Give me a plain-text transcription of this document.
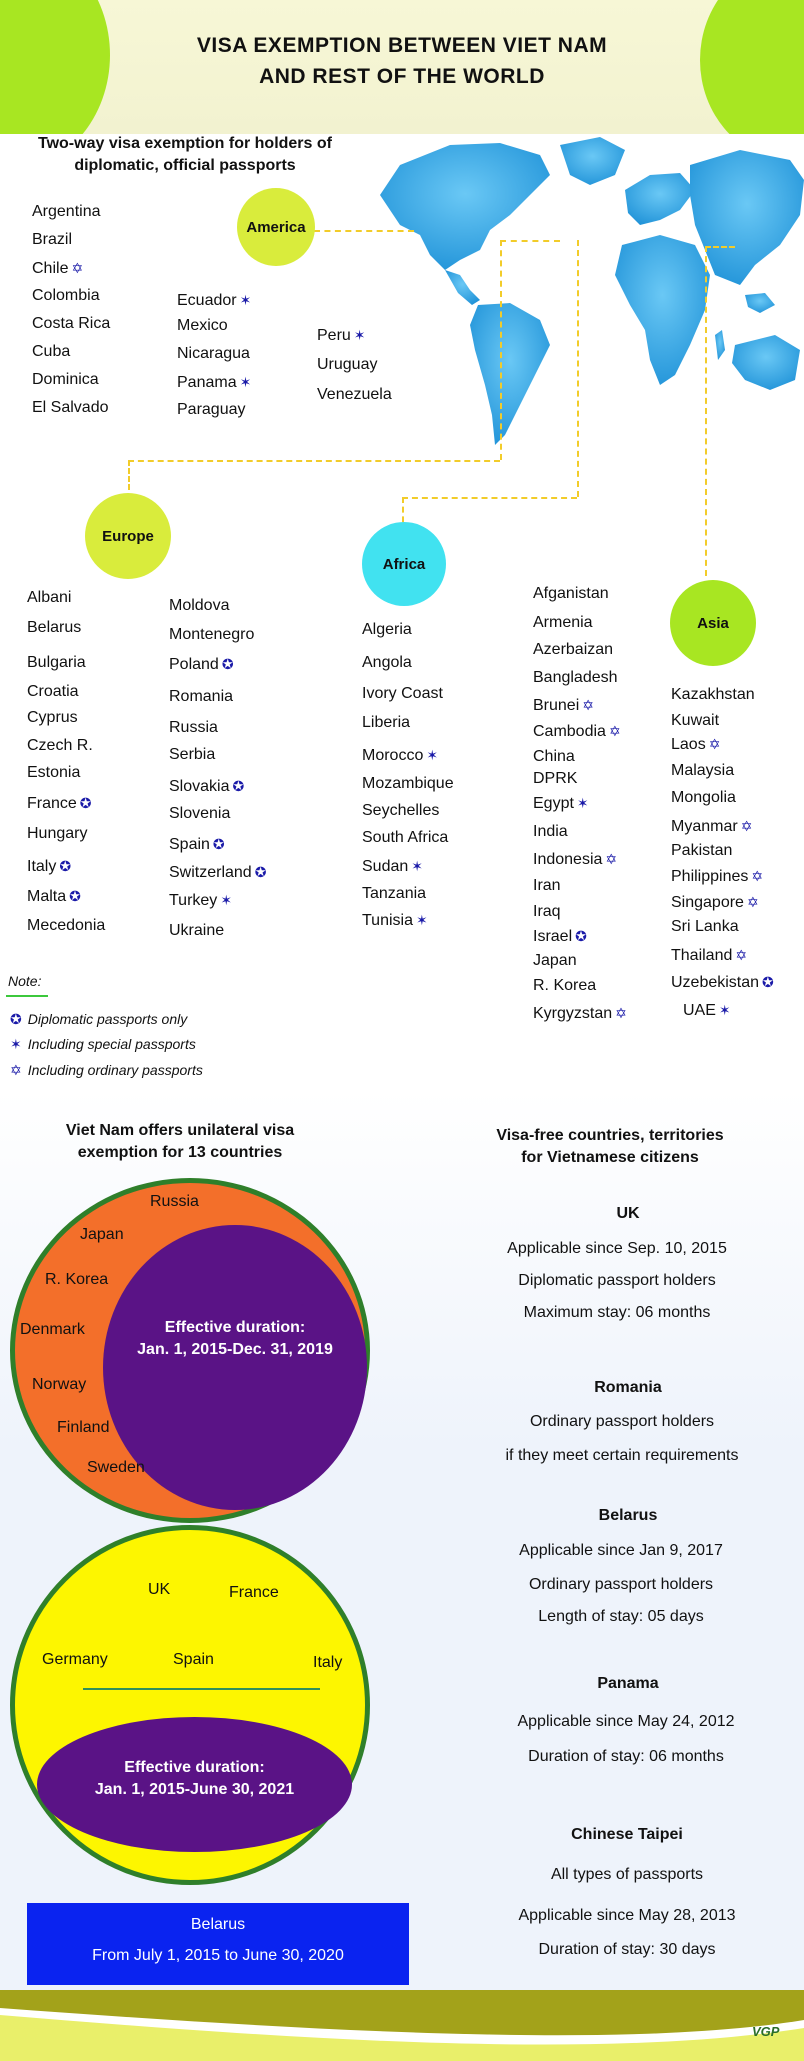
VISA EXEMPTION BETWEEN VIET NAM
AND REST OF THE WORLD
Two-way visa exemption for holders of
diplomatic, official passports
America
Europe
Africa
Asia
Argentina
Brazil
Chile ✡
Colombia
Costa Rica
Cuba
Dominica
El Salvado
Ecuador ✶
Mexico
Nicaragua
Panama ✶
Paraguay
Peru ✶
Uruguay
Venezuela
Albani
Belarus
Bulgaria
Croatia
Cyprus
Czech R.
Estonia
France ✪
Hungary
Italy ✪
Malta ✪
Mecedonia
Moldova
Montenegro
Poland ✪
Romania
Russia
Serbia
Slovakia ✪
Slovenia
Spain ✪
Switzerland ✪
Turkey ✶
Ukraine
Algeria
Angola
Ivory Coast
Liberia
Morocco ✶
Mozambique
Seychelles
South Africa
Sudan ✶
Tanzania
Tunisia ✶
Afganistan
Armenia
Azerbaizan
Bangladesh
Brunei ✡
Cambodia ✡
China
DPRK
Egypt ✶
India
Indonesia ✡
Iran
Iraq
Israel ✪
Japan
R. Korea
Kyrgyzstan ✡
Kazakhstan
Kuwait
Laos ✡
Malaysia
Mongolia
Myanmar ✡
Pakistan
Philippines ✡
Singapore ✡
Sri Lanka
Thailand ✡
Uzebekistan ✪
UAE ✶
Note:
✪ Diplomatic passports only
✶ Including special passports
✡ Including ordinary passports
Viet Nam offers unilateral visa
exemption for 13 countries
Russia
Japan
R. Korea
Denmark
Norway
Finland
Sweden
Effective duration:
Jan. 1, 2015-Dec. 31, 2019
UK	France
Germany	Spain	Italy
Effective duration:
Jan. 1, 2015-June 30, 2021
Belarus
From July 1, 2015 to June 30, 2020
Visa-free countries, territories
for Vietnamese citizens
UK
Applicable since Sep. 10, 2015
Diplomatic passport holders
Maximum stay: 06 months
Romania
Ordinary passport holders
if they meet certain requirements
Belarus
Applicable since Jan 9, 2017
Ordinary passport holders
Length of stay: 05 days
Panama
Applicable since May 24, 2012
Duration of stay: 06 months
Chinese Taipei
All types of passports
Applicable since May 28, 2013
Duration of stay: 30 days
VGP
